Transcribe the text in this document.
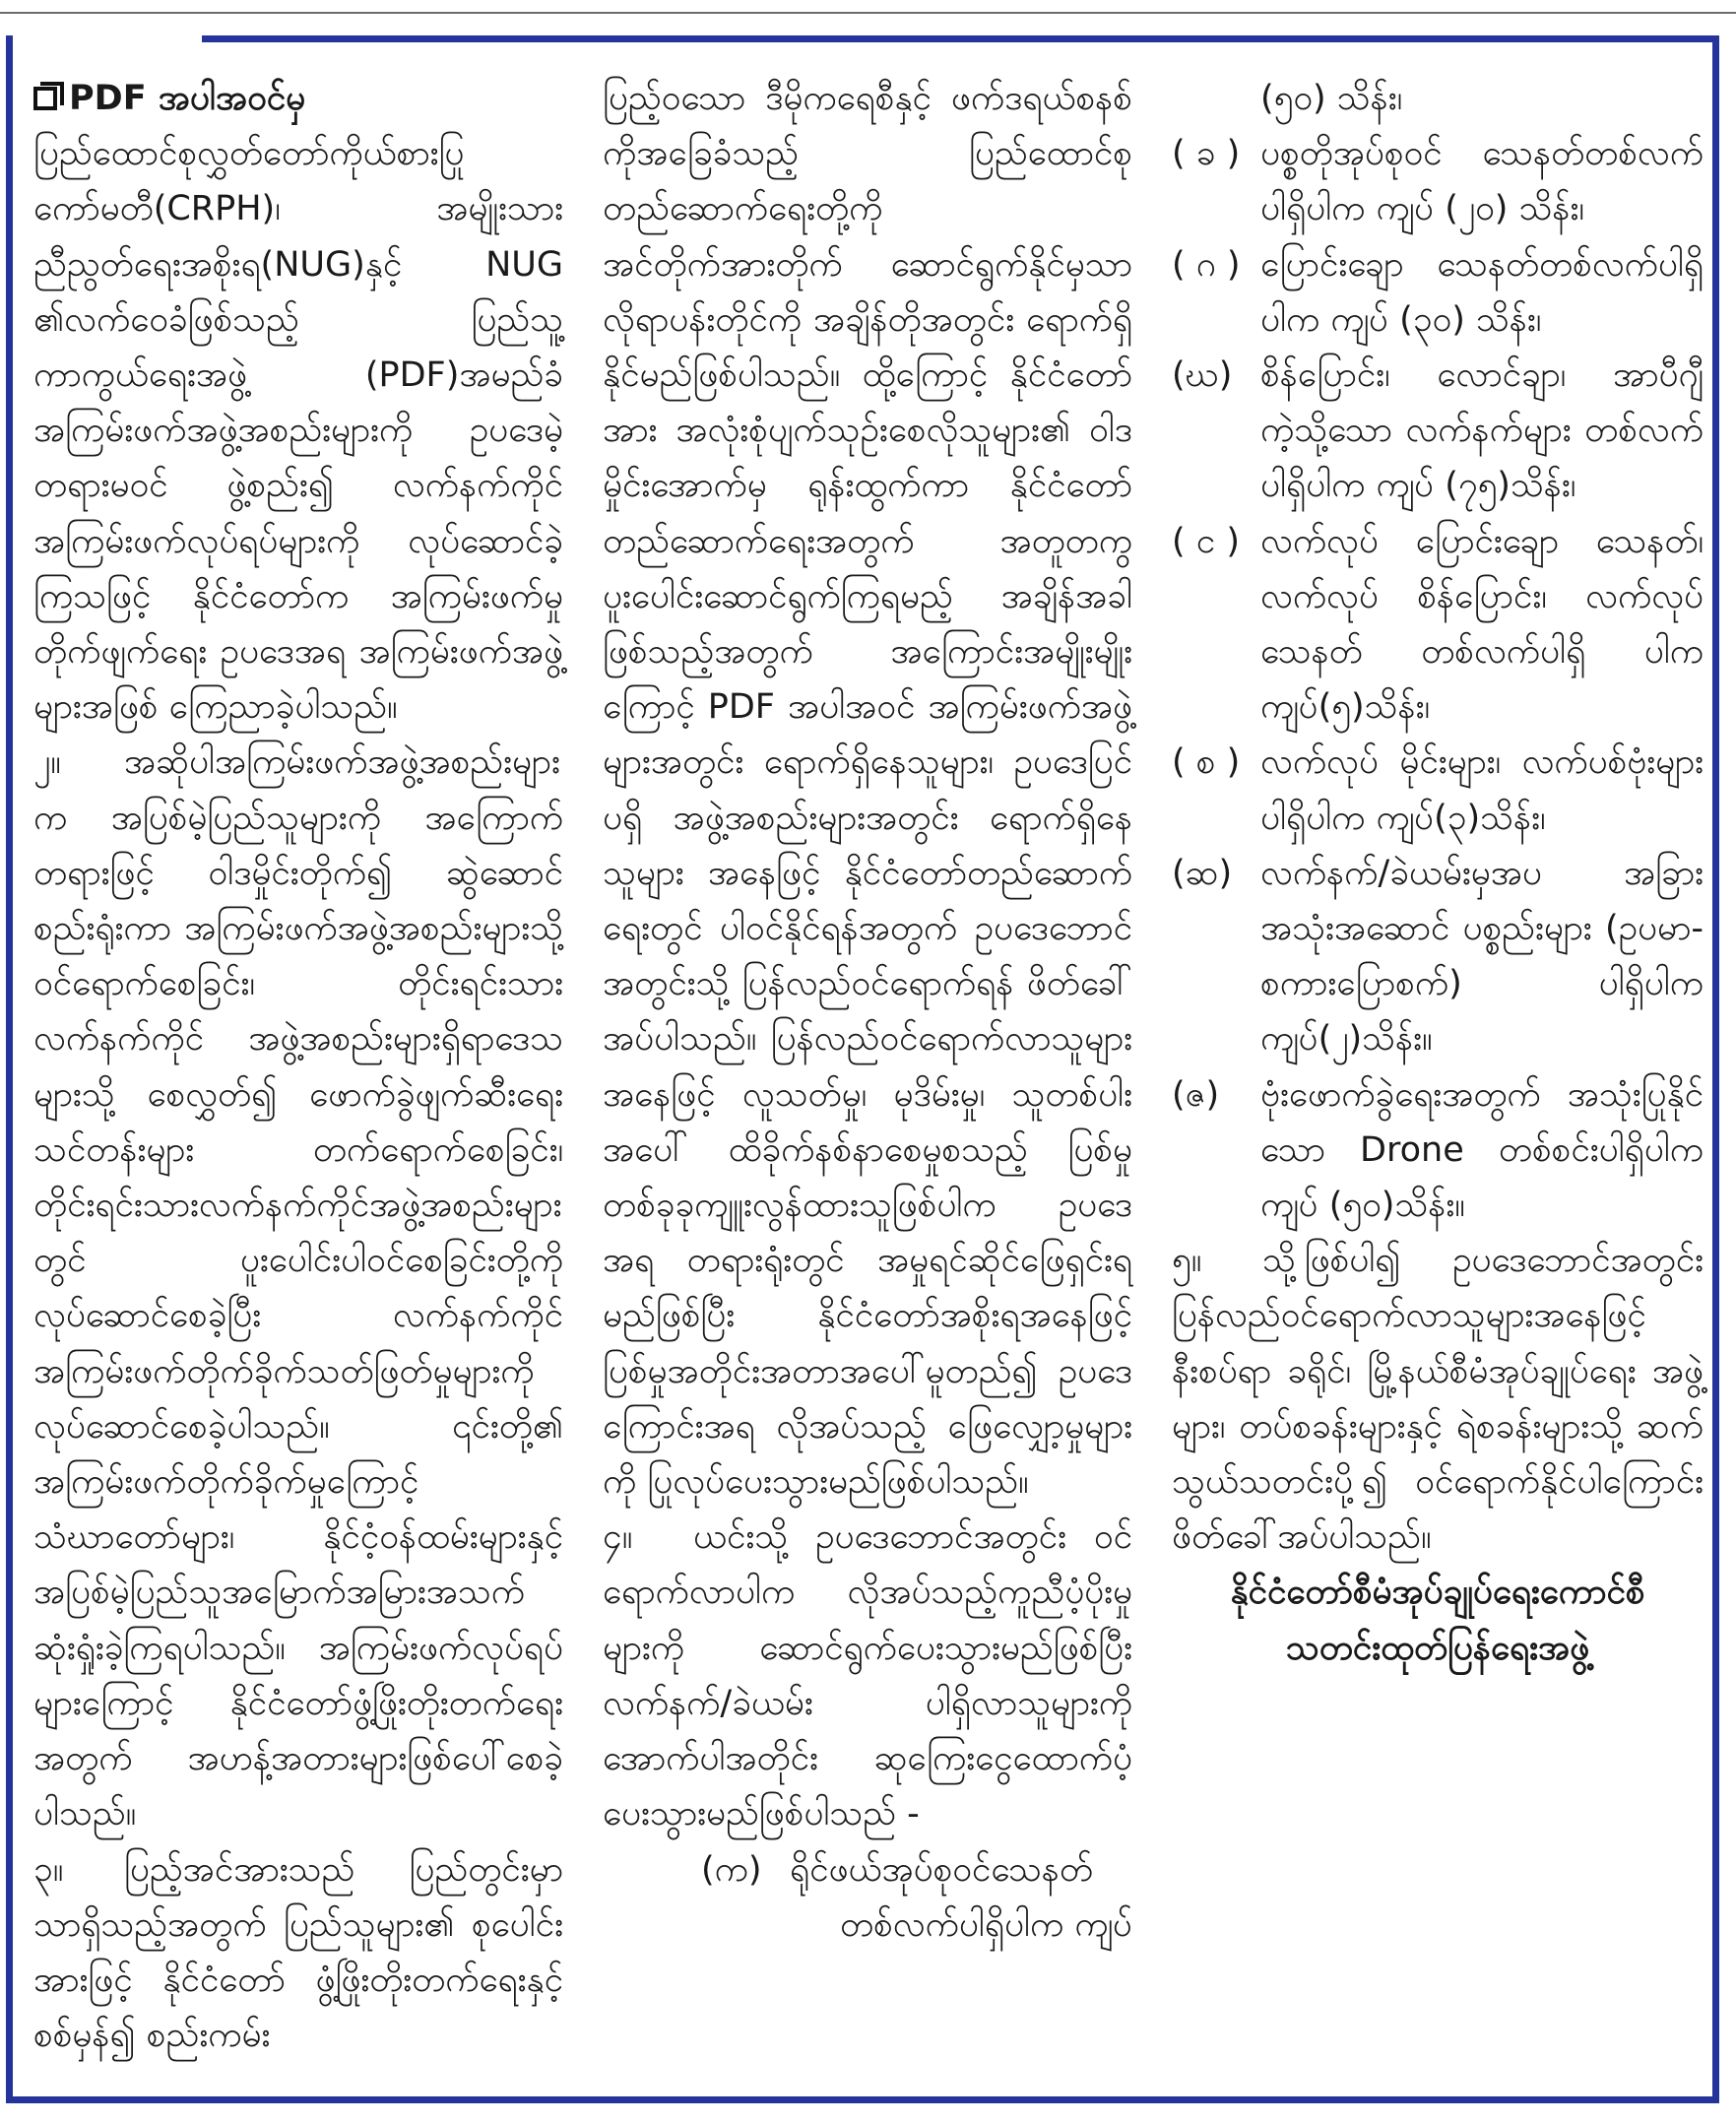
PDF အပါအဝင်မှ

ပြည်ထောင်စုလွှတ်တော်ကိုယ်စားပြုကော်မတီ(CRPH)၊ အမျိုးသား ညီညွတ်ရေးအစိုးရ(NUG)နှင့် NUG ၏လက်ဝေခံဖြစ်သည့် ပြည်သူ့ကာကွယ်ရေးအဖွဲ့ (PDF)အမည်ခံ အကြမ်းဖက်အဖွဲ့အစည်းများကို ဥပဒေမဲ့တရားမဝင် ဖွဲ့စည်း၍ လက်နက်ကိုင် အကြမ်းဖက်လုပ်ရပ်များကို လုပ်ဆောင်ခဲ့ကြသဖြင့် နိုင်ငံတော်က အကြမ်းဖက်မှုတိုက်ဖျက်ရေး ဥပဒေအရ အကြမ်းဖက်အဖွဲ့များအဖြစ် ကြေညာခဲ့ပါသည်။

၂။ အဆိုပါအကြမ်းဖက်အဖွဲ့အစည်းများက အပြစ်မဲ့ပြည်သူများကို အကြောက်တရားဖြင့် ဝါဒမှိုင်းတိုက်၍ ဆွဲဆောင်စည်းရုံးကာ အကြမ်းဖက်အဖွဲ့အစည်းများသို့ ဝင်ရောက်စေခြင်း၊ တိုင်းရင်းသားလက်နက်ကိုင် အဖွဲ့အစည်းများရှိရာဒေသများသို့ စေလွှတ်၍ ဖောက်ခွဲဖျက်ဆီးရေးသင်တန်းများ တက်ရောက်စေခြင်း၊ တိုင်းရင်းသားလက်နက်ကိုင်အဖွဲ့အစည်းများတွင် ပူးပေါင်းပါဝင်စေခြင်းတို့ကို လုပ်ဆောင်စေခဲ့ပြီး လက်နက်ကိုင် အကြမ်းဖက်တိုက်ခိုက်သတ်ဖြတ်မှုများကို လုပ်ဆောင်စေခဲ့ပါသည်။ ၎င်းတို့၏ အကြမ်းဖက်တိုက်ခိုက်မှုကြောင့် သံဃာတော်များ၊ နိုင်ငံ့ဝန်ထမ်းများနှင့် အပြစ်မဲ့ပြည်သူအမြောက်အမြားအသက်ဆုံးရှုံးခဲ့ကြရပါသည်။ အကြမ်းဖက်လုပ်ရပ်များကြောင့် နိုင်ငံတော်ဖွံ့ဖြိုးတိုးတက်ရေးအတွက် အဟန့်အတားများဖြစ်ပေါ်စေခဲ့ပါသည်။

၃။ ပြည့်အင်အားသည် ပြည်တွင်းမှာသာရှိသည့်အတွက် ပြည်သူများ၏ စုပေါင်းအားဖြင့် နိုင်ငံတော် ဖွံ့ဖြိုးတိုးတက်ရေးနှင့် စစ်မှန်၍ စည်းကမ်း

ပြည့်ဝသော ဒီမိုကရေစီနှင့် ဖက်ဒရယ်စနစ်ကိုအခြေခံသည့် ပြည်ထောင်စုတည်ဆောက်ရေးတို့ကို အင်တိုက်အားတိုက် ဆောင်ရွက်နိုင်မှသာ လိုရာပန်းတိုင်ကို အချိန်တိုအတွင်း ရောက်ရှိနိုင်မည်ဖြစ်ပါသည်။ ထို့ကြောင့် နိုင်ငံတော်အား အလုံးစုံပျက်သုဉ်းစေလိုသူများ၏ ဝါဒမှိုင်းအောက်မှ ရုန်းထွက်ကာ နိုင်ငံတော် တည်ဆောက်ရေးအတွက် အတူတကွ ပူးပေါင်းဆောင်ရွက်ကြရမည့် အချိန်အခါဖြစ်သည့်အတွက် အကြောင်းအမျိုးမျိုးကြောင့် PDF အပါအဝင် အကြမ်းဖက်အဖွဲ့များအတွင်း ရောက်ရှိနေသူများ၊ ဥပဒေပြင်ပရှိ အဖွဲ့အစည်းများအတွင်း ရောက်ရှိနေသူများ အနေဖြင့် နိုင်ငံတော်တည်ဆောက်ရေးတွင် ပါဝင်နိုင်ရန်အတွက် ဥပဒေဘောင်အတွင်းသို့ ပြန်လည်ဝင်ရောက်ရန် ဖိတ်ခေါ်အပ်ပါသည်။ ပြန်လည်ဝင်ရောက်လာသူများအနေဖြင့် လူသတ်မှု၊ မုဒိမ်းမှု၊ သူတစ်ပါးအပေါ် ထိခိုက်နစ်နာစေမှုစသည့် ပြစ်မှုတစ်ခုခုကျူးလွန်ထားသူဖြစ်ပါက ဥပဒေအရ တရားရုံးတွင် အမှုရင်ဆိုင်ဖြေရှင်းရမည်ဖြစ်ပြီး နိုင်ငံတော်အစိုးရအနေဖြင့် ပြစ်မှုအတိုင်းအတာအပေါ်မူတည်၍ ဥပဒေကြောင်းအရ လိုအပ်သည့် ဖြေလျှော့မှုများကို ပြုလုပ်ပေးသွားမည်ဖြစ်ပါသည်။

၄။ ယင်းသို့ ဥပဒေဘောင်အတွင်း ဝင်ရောက်လာပါက လိုအပ်သည့်ကူညီပံ့ပိုးမှုများကို ဆောင်ရွက်ပေးသွားမည်ဖြစ်ပြီး လက်နက်/ခဲယမ်း ပါရှိလာသူများကို အောက်ပါအတိုင်း ဆုကြေးငွေထောက်ပံ့ပေးသွားမည်ဖြစ်ပါသည် -

(က) ရိုင်ဖယ်အုပ်စုဝင်သေနတ်

တစ်လက်ပါရှိပါက ကျပ်

(၅၀) သိန်း၊

( ခ ) ပစ္စတိုအုပ်စုဝင် သေနတ်တစ်လက်ပါရှိပါက ကျပ် (၂၀) သိန်း၊
( ဂ ) ပြောင်းချော သေနတ်တစ်လက်ပါရှိပါက ကျပ် (၃၀) သိန်း၊
(ဃ) စိန်ပြောင်း၊ လောင်ချာ၊ အာပီဂျီ ကဲ့သို့သော လက်နက်များ တစ်လက် ပါရှိပါက ကျပ် (၇၅)သိန်း၊
( င ) လက်လုပ် ပြောင်းချော သေနတ်၊ လက်လုပ် စိန်ပြောင်း၊ လက်လုပ် သေနတ် တစ်လက်ပါရှိ ပါက ကျပ်(၅)သိန်း၊
( စ ) လက်လုပ် မိုင်းများ၊ လက်ပစ်ဗုံးများ ပါရှိပါက ကျပ်(၃)သိန်း၊
(ဆ) လက်နက်/ခဲယမ်းမှအပ အခြား အသုံးအဆောင် ပစ္စည်းများ (ဥပမာ-စကားပြောစက်) ပါရှိပါက ကျပ်(၂)သိန်း။
(ဇ)	ဗုံးဖောက်ခွဲရေးအတွက် အသုံးပြုနိုင်သော Drone တစ်စင်းပါရှိပါက ကျပ် (၅၀)သိန်း။

၅။ သို့ဖြစ်ပါ၍ ဥပဒေဘောင်အတွင်း ပြန်လည်ဝင်ရောက်လာသူများအနေဖြင့် နီးစပ်ရာ ခရိုင်၊ မြို့နယ်စီမံအုပ်ချုပ်ရေး အဖွဲ့များ၊ တပ်စခန်းများနှင့် ရဲစခန်းများသို့ ဆက်သွယ်သတင်းပို့၍ ဝင်ရောက်နိုင်ပါကြောင်း ဖိတ်ခေါ်အပ်ပါသည်။

နိုင်ငံတော်စီမံအုပ်ချုပ်ရေးကောင်စီ

သတင်းထုတ်ပြန်ရေးအဖွဲ့
